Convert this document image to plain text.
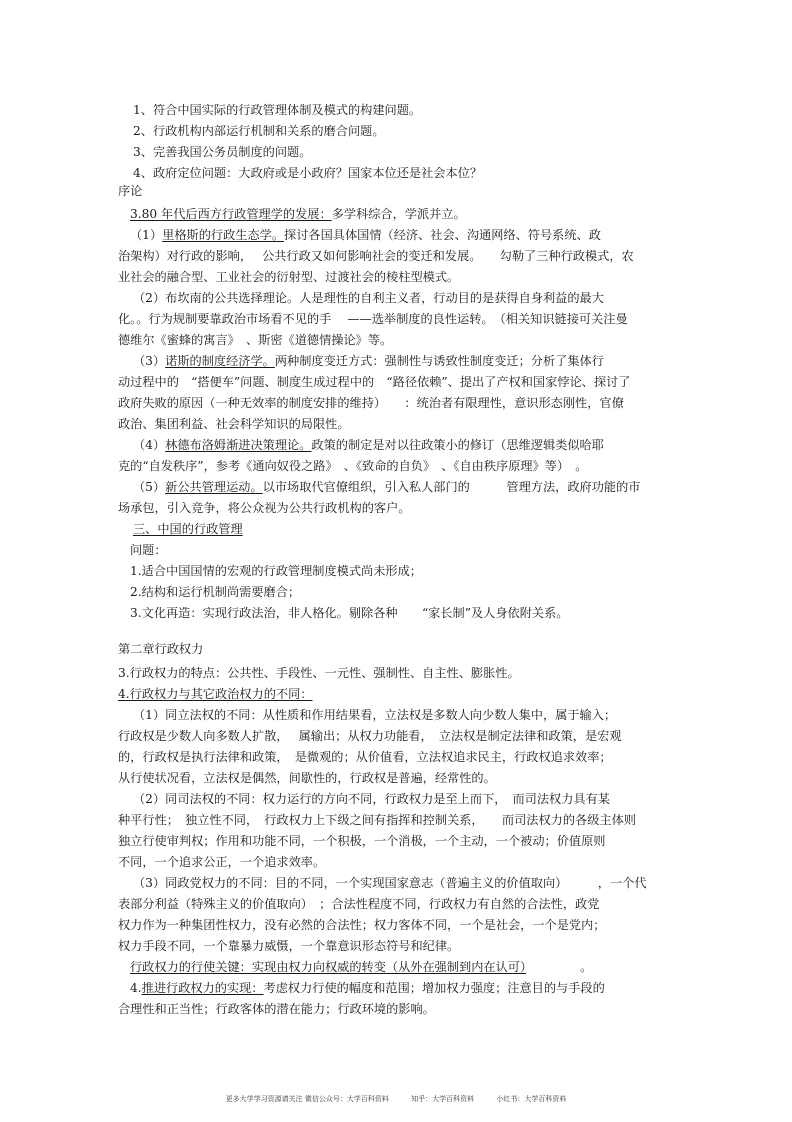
1、符合中国实际的行政管理体制及模式的构建问题。
2、行政机构内部运行机制和关系的磨合问题。
3、完善我国公务员制度的问题。
4、政府定位问题：大政府或是小政府？国家本位还是社会本位？
序论
3.80 年代后西方行政管理学的发展：多学科综合，学派并立。
（1）里格斯的行政生态学。探讨各国具体国情（经济、社会、沟通网络、符号系统、政
治架构）对行政的影响，　 公共行政又如何影响社会的变迁和发展。　　勾勒了三种行政模式，农
业社会的融合型、工业社会的衍射型、过渡社会的棱柱型模式。
（2）布坎南的公共选择理论。人是理性的自利主义者，行动目的是获得自身利益的最大
化。。行为规制要靠政治市场看不见的手　 ——选举制度的良性运转。　（相关知识链接可关注曼
德维尔《蜜蜂的寓言》　、斯密《道德情操论》等。
（3）诺斯的制度经济学。两种制度变迁方式：强制性与诱致性制度变迁；分析了集体行
动过程中的　“搭便车”问题、制度生成过程中的　“路径依赖”、提出了产权和国家悖论、探讨了
政府失败的原因（一种无效率的制度安排的维持）　　：统治者有限理性，意识形态刚性，官僚
政治、集团利益、社会科学知识的局限性。
（4）林德布洛姆渐进决策理论。政策的制定是对以往政策小的修订（思维逻辑类似哈耶
克的“自发秩序”，参考《通向奴役之路》　、《致命的自负》　、《自由秩序原理》等）　。
（5）新公共管理运动。以市场取代官僚组织，引入私人部门的　　　管理方法，政府功能的市
场承包，引入竞争，将公众视为公共行政机构的客户。
三、中国的行政管理
问题：
1.适合中国国情的宏观的行政管理制度模式尚未形成；
2.结构和运行机制尚需要磨合；
3.文化再造：实现行政法治，非人格化。剔除各种　　“家长制”及人身依附关系。
第二章行政权力
3.行政权力的特点：公共性、手段性、一元性、强制性、自主性、膨胀性。
4.行政权力与其它政治权力的不同：
（1）同立法权的不同：从性质和作用结果看，立法权是多数人向少数人集中，属于输入；
行政权是少数人向多数人扩散，　 属输出；从权力功能看，　立法权是制定法律和政策，是宏观
的，行政权是执行法律和政策，　是微观的；从价值看，立法权追求民主，行政权追求效率；
从行使状况看，立法权是偶然，间歇性的，行政权是普遍，经常性的。
（2）同司法权的不同：权力运行的方向不同，行政权力是至上而下，　而司法权力具有某
种平行性；　独立性不同，　行政权力上下级之间有指挥和控制关系，　　而司法权力的各级主体则
独立行使审判权；作用和功能不同，一个积极，一个消极，一个主动，一个被动；价值原则
不同，一个追求公正，一个追求效率。
（3）同政党权力的不同：目的不同，一个实现国家意志（普遍主义的价值取向）　　　，一个代
表部分利益（特殊主义的价值取向）　；合法性程度不同，行政权力有自然的合法性，政党
权力作为一种集团性权力，没有必然的合法性；权力客体不同，一个是社会，一个是党内；
权力手段不同，一个靠暴力威慑，一个靠意识形态符号和纪律。
行政权力的行使关键：实现由权力向权威的转变（从外在强制到内在认可）	。
4.推进行政权力的实现：考虑权力行使的幅度和范围；增加权力强度；注意目的与手段的
合理性和正当性；行政客体的潜在能力；行政环境的影响。
更多大学学习资源请关注 微信公众号：大学百科资料	知乎：大学百科资料	小红书：大学百科资料
